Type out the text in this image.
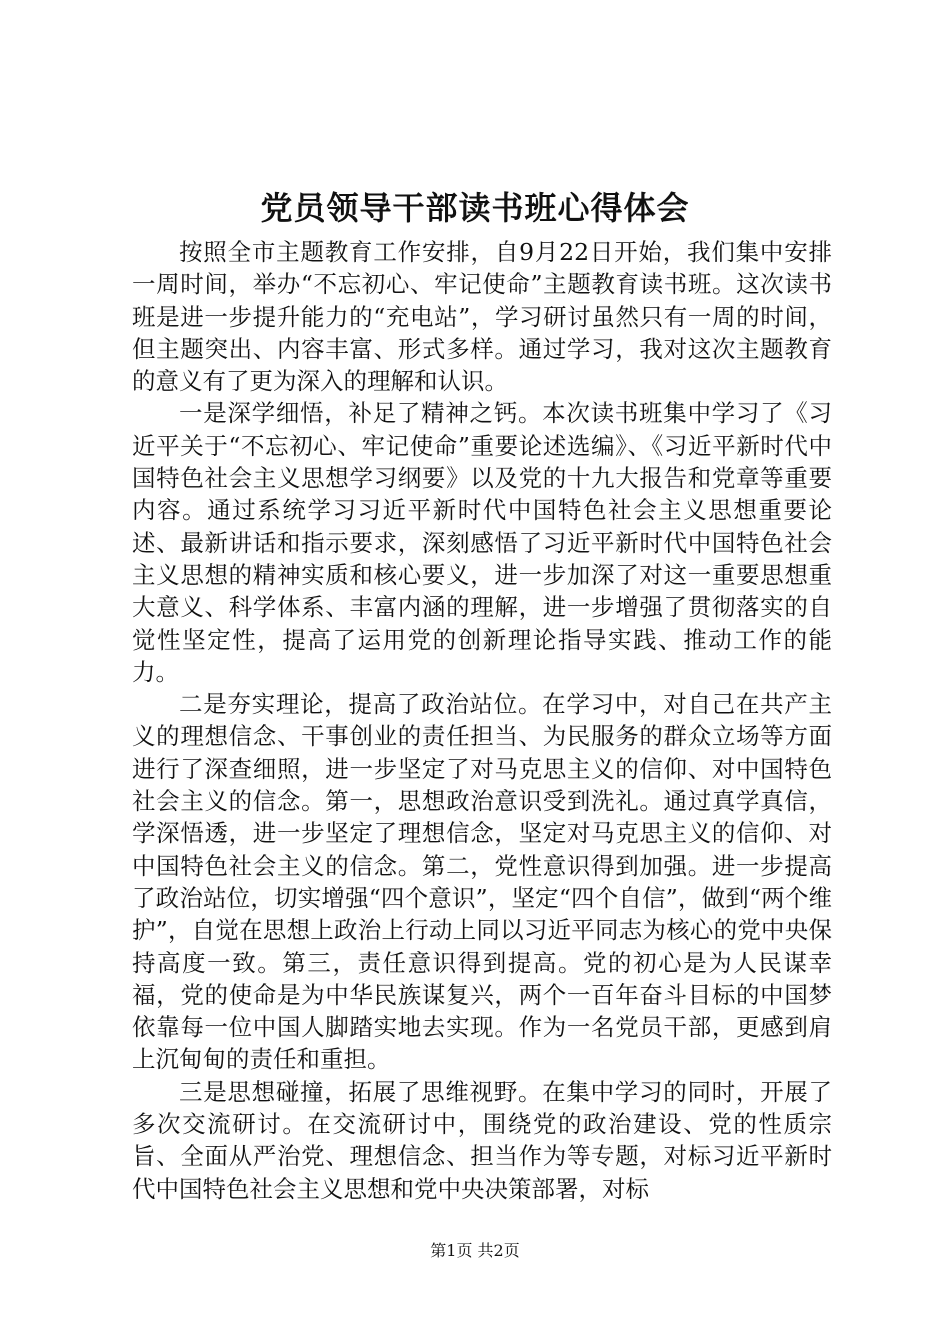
党员领导干部读书班心得体会

按照全市主题教育工作安排，自9月22日开始，我们集中安排一周时间，举办“不忘初心、牢记使命”主题教育读书班。这次读书班是进一步提升能力的“充电站”，学习研讨虽然只有一周的时间，但主题突出、内容丰富、形式多样。通过学习，我对这次主题教育的意义有了更为深入的理解和认识。

一是深学细悟，补足了精神之钙。本次读书班集中学习了《习近平关于“不忘初心、牢记使命”重要论述选编》、《习近平新时代中国特色社会主义思想学习纲要》以及党的十九大报告和党章等重要内容。通过系统学习习近平新时代中国特色社会主义思想重要论述、最新讲话和指示要求，深刻感悟了习近平新时代中国特色社会主义思想的精神实质和核心要义，进一步加深了对这一重要思想重大意义、科学体系、丰富内涵的理解，进一步增强了贯彻落实的自觉性坚定性，提高了运用党的创新理论指导实践、推动工作的能力。

二是夯实理论，提高了政治站位。在学习中，对自己在共产主义的理想信念、干事创业的责任担当、为民服务的群众立场等方面进行了深查细照，进一步坚定了对马克思主义的信仰、对中国特色社会主义的信念。第一，思想政治意识受到洗礼。通过真学真信，学深悟透，进一步坚定了理想信念，坚定对马克思主义的信仰、对中国特色社会主义的信念。第二，党性意识得到加强。进一步提高了政治站位，切实增强“四个意识”，坚定“四个自信”，做到“两个维护”，自觉在思想上政治上行动上同以习近平同志为核心的党中央保持高度一致。第三，责任意识得到提高。党的初心是为人民谋幸福，党的使命是为中华民族谋复兴，两个一百年奋斗目标的中国梦依靠每一位中国人脚踏实地去实现。作为一名党员干部，更感到肩上沉甸甸的责任和重担。

三是思想碰撞，拓展了思维视野。在集中学习的同时，开展了多次交流研讨。在交流研讨中，围绕党的政治建设、党的性质宗旨、全面从严治党、理想信念、担当作为等专题，对标习近平新时代中国特色社会主义思想和党中央决策部署，对标

第1页 共2页
